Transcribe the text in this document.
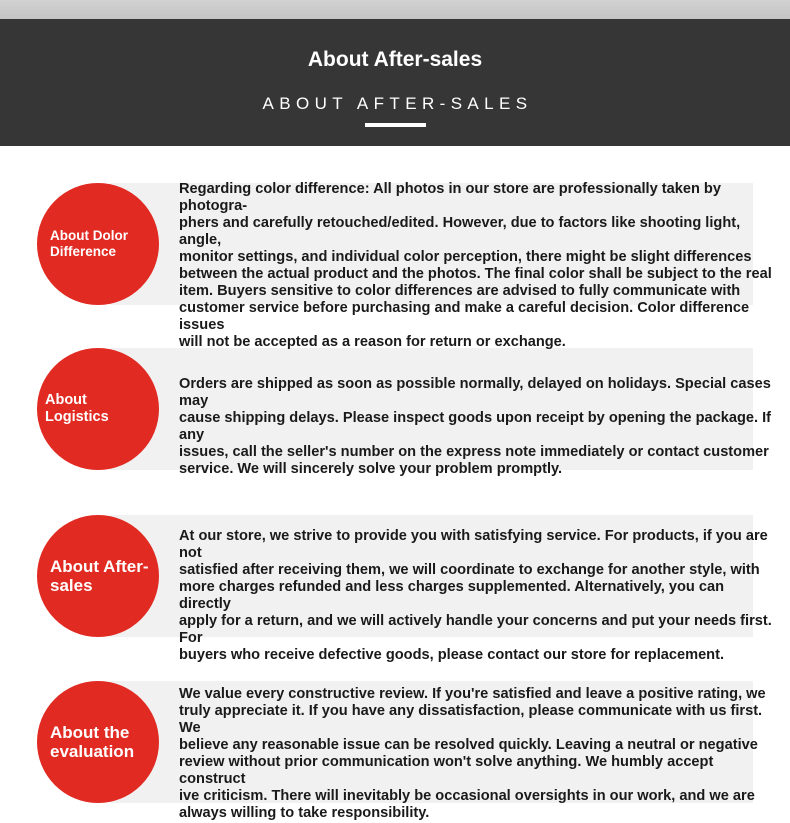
About After-sales
ABOUT AFTER-SALES
About Dolor
Difference
Regarding color difference: All photos in our store are professionally taken by photogra-
phers and carefully retouched/edited. However, due to factors like shooting light, angle,
monitor settings, and individual color perception, there might be slight differences
between the actual product and the photos. The final color shall be subject to the real
item. Buyers sensitive to color differences are advised to fully communicate with
customer service before purchasing and make a careful decision. Color difference issues
will not be accepted as a reason for return or exchange.
About Logistics
Orders are shipped as soon as possible normally, delayed on holidays. Special cases may
cause shipping delays. Please inspect goods upon receipt by opening the package. If any
issues, call the seller's number on the express note immediately or contact customer
service. We will sincerely solve your problem promptly.
About After-
sales
At our store, we strive to provide you with satisfying service. For products, if you are not
satisfied after receiving them, we will coordinate to exchange for another style, with
more charges refunded and less charges supplemented. Alternatively, you can directly
apply for a return, and we will actively handle your concerns and put your needs first. For
buyers who receive defective goods, please contact our store for replacement.
About the
evaluation
We value every constructive review. If you're satisfied and leave a positive rating, we
truly appreciate it. If you have any dissatisfaction, please communicate with us first. We
believe any reasonable issue can be resolved quickly. Leaving a neutral or negative
review without prior communication won't solve anything. We humbly accept construct
ive criticism. There will inevitably be occasional oversights in our work, and we are
always willing to take responsibility.
